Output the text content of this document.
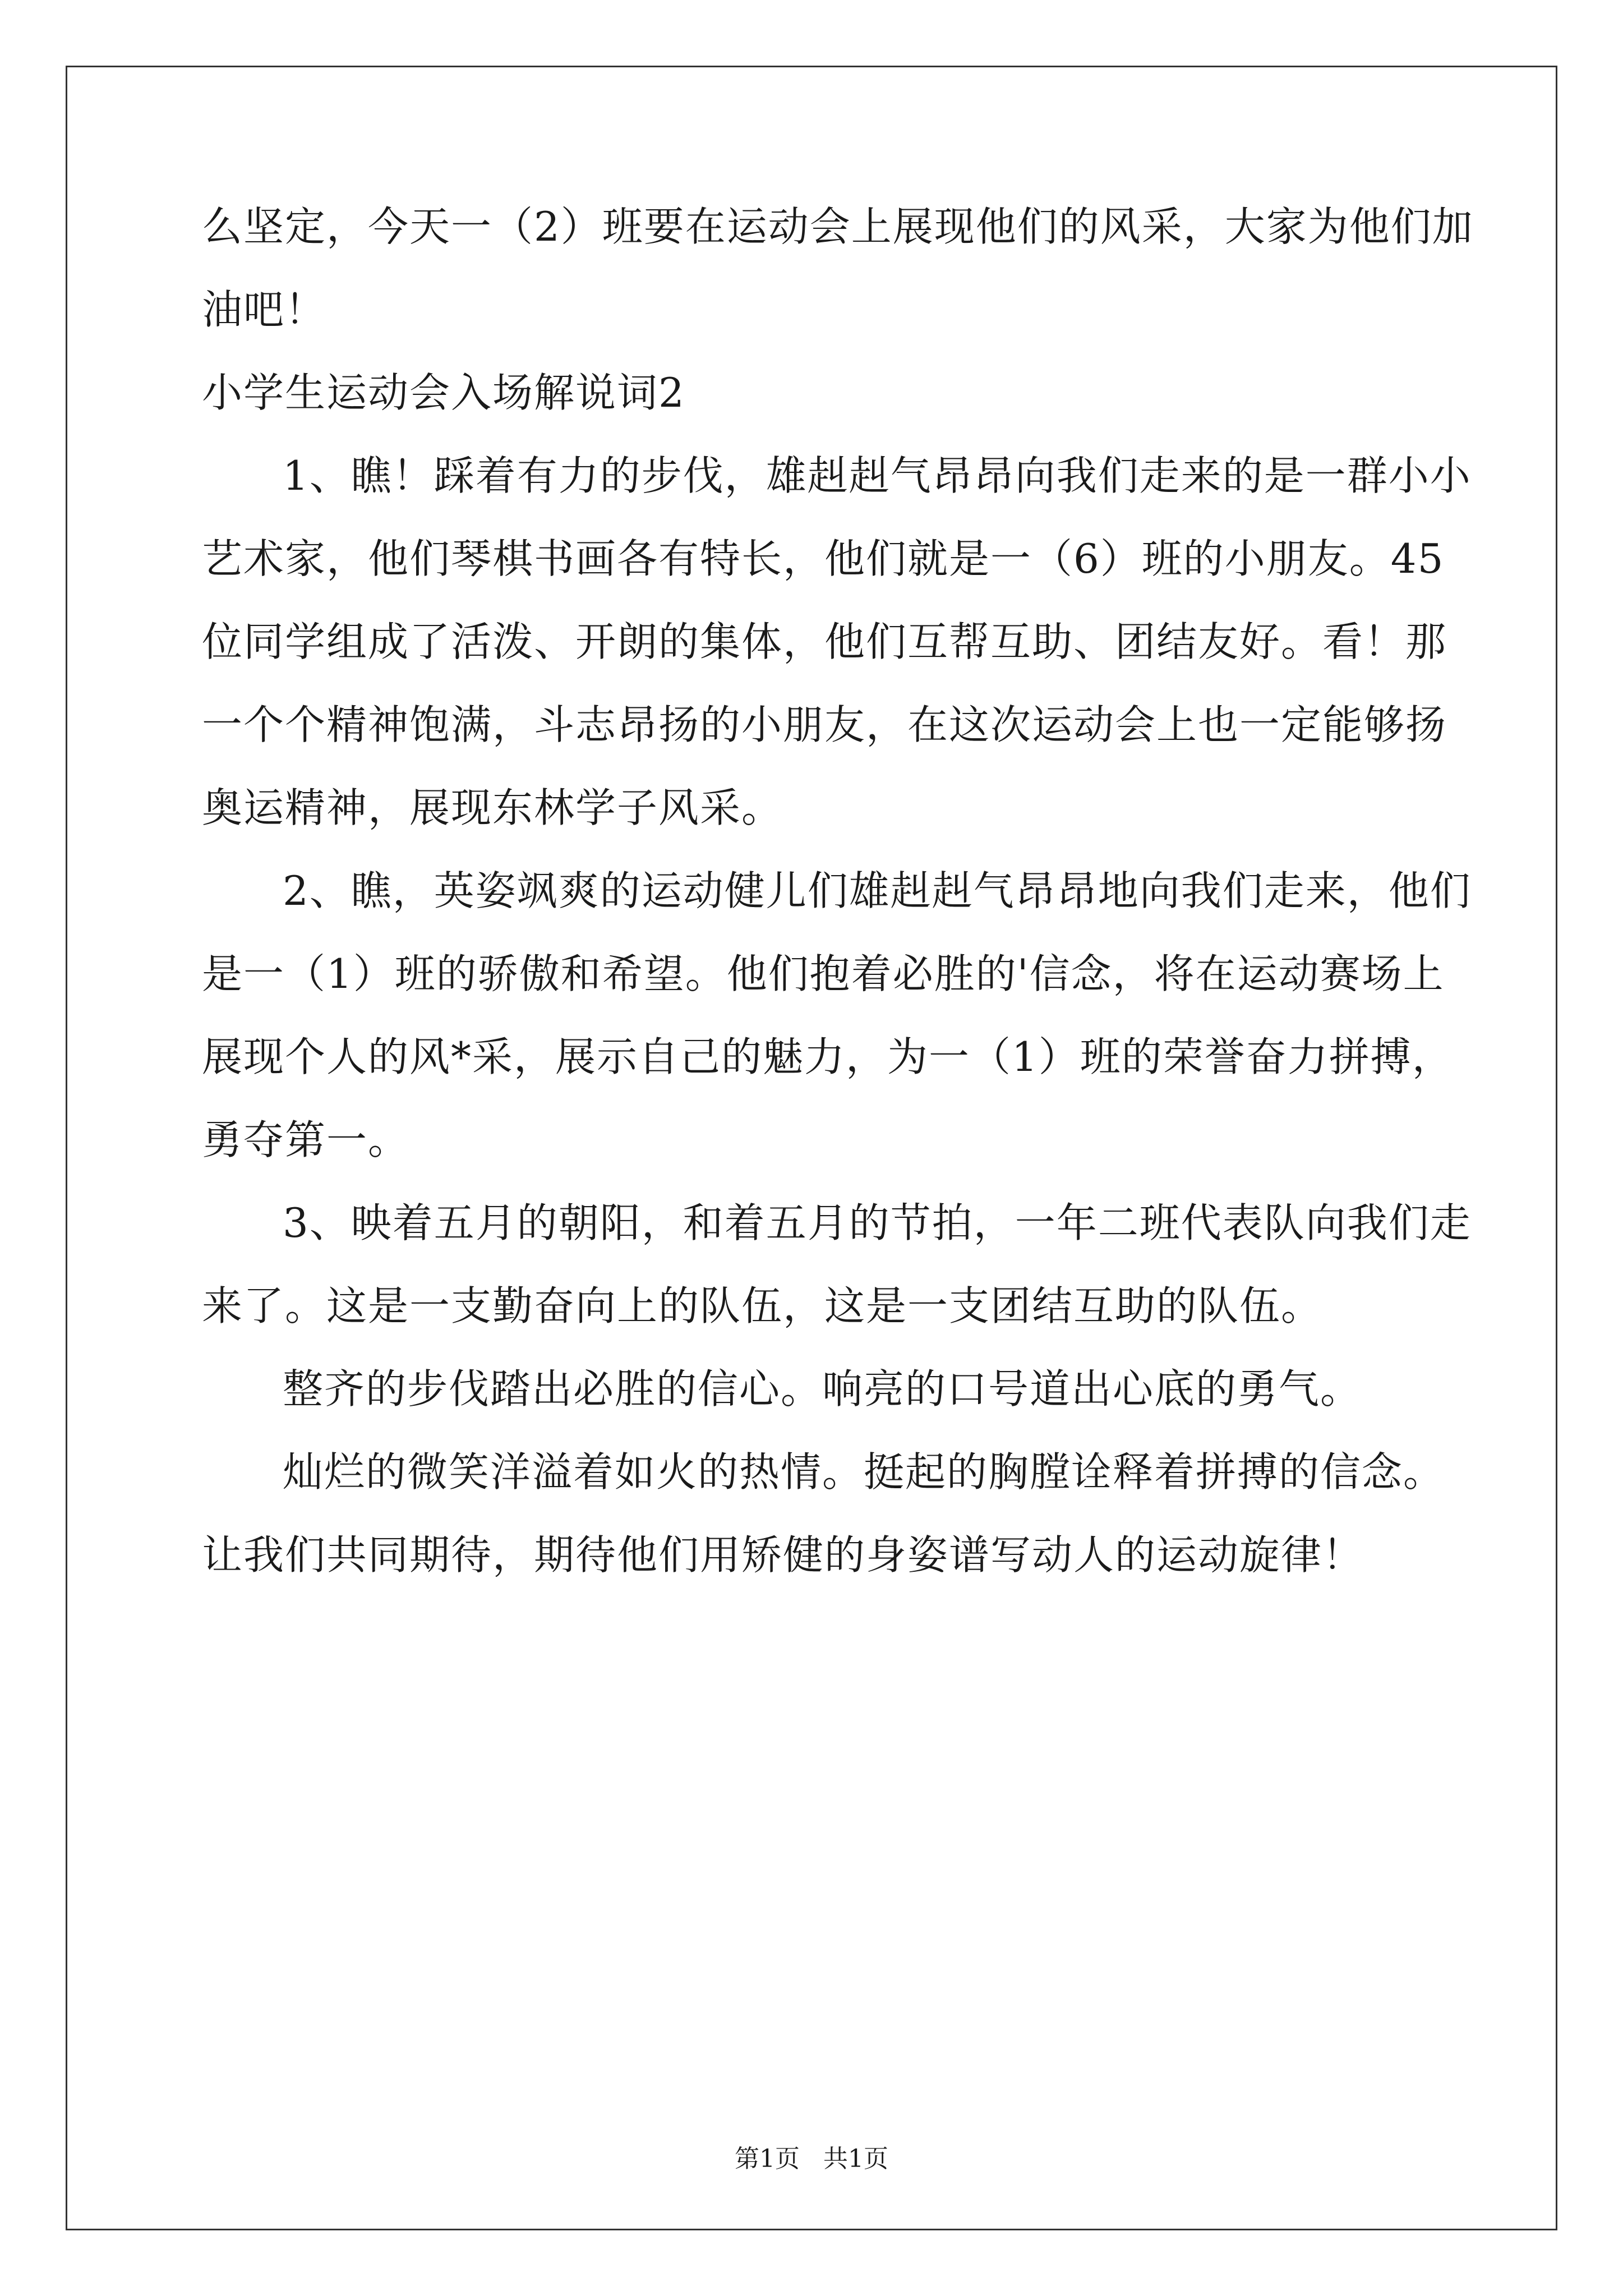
么坚定，今天一（2）班要在运动会上展现他们的风采，大家为他们加
油吧！
小学生运动会入场解说词2
1、瞧！踩着有力的步伐，雄赳赳气昂昂向我们走来的是一群小小
艺术家，他们琴棋书画各有特长，他们就是一（6）班的小朋友。45
位同学组成了活泼、开朗的集体，他们互帮互助、团结友好。看！那
一个个精神饱满，斗志昂扬的小朋友，在这次运动会上也一定能够扬
奥运精神，展现东林学子风采。
2、瞧，英姿飒爽的运动健儿们雄赳赳气昂昂地向我们走来，他们
是一（1）班的骄傲和希望。他们抱着必胜的'信念，将在运动赛场上
展现个人的风*采，展示自己的魅力，为一（1）班的荣誉奋力拼搏，
勇夺第一。
3、映着五月的朝阳，和着五月的节拍，一年二班代表队向我们走
来了。这是一支勤奋向上的队伍，这是一支团结互助的队伍。
整齐的步伐踏出必胜的信心。响亮的口号道出心底的勇气。
灿烂的微笑洋溢着如火的热情。挺起的胸膛诠释着拼搏的信念。
让我们共同期待，期待他们用矫健的身姿谱写动人的运动旋律！
第1页   共1页
